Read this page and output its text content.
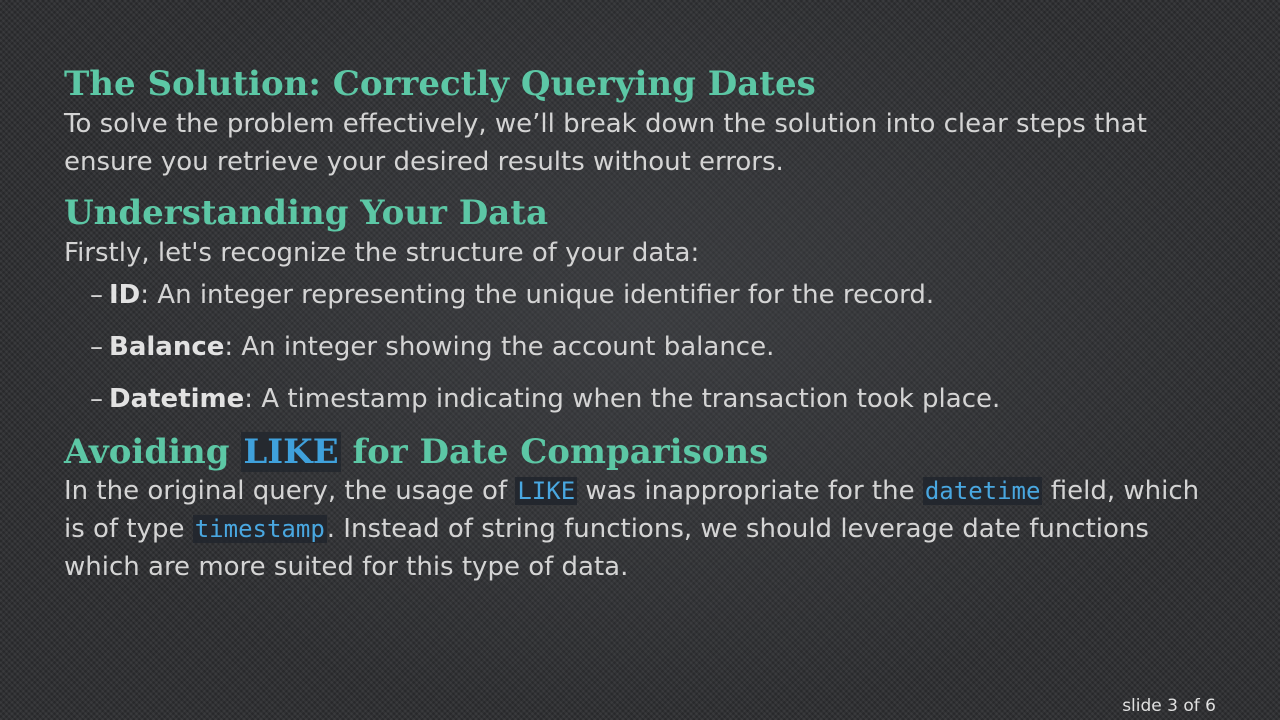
The Solution: Correctly Querying Dates

To solve the problem effectively, we’ll break down the solution into clear steps that ensure you retrieve your desired results without errors.

Understanding Your Data

Firstly, let's recognize the structure of your data:

– ID: An integer representing the unique identifier for the record.
– Balance: An integer showing the account balance.
– Datetime: A timestamp indicating when the transaction took place.
Avoiding LIKE for Date Comparisons

In the original query, the usage of LIKE was inappropriate for the datetime field, which is of type timestamp. Instead of string functions, we should leverage date functions which are more suited for this type of data.

slide 3 of 6
